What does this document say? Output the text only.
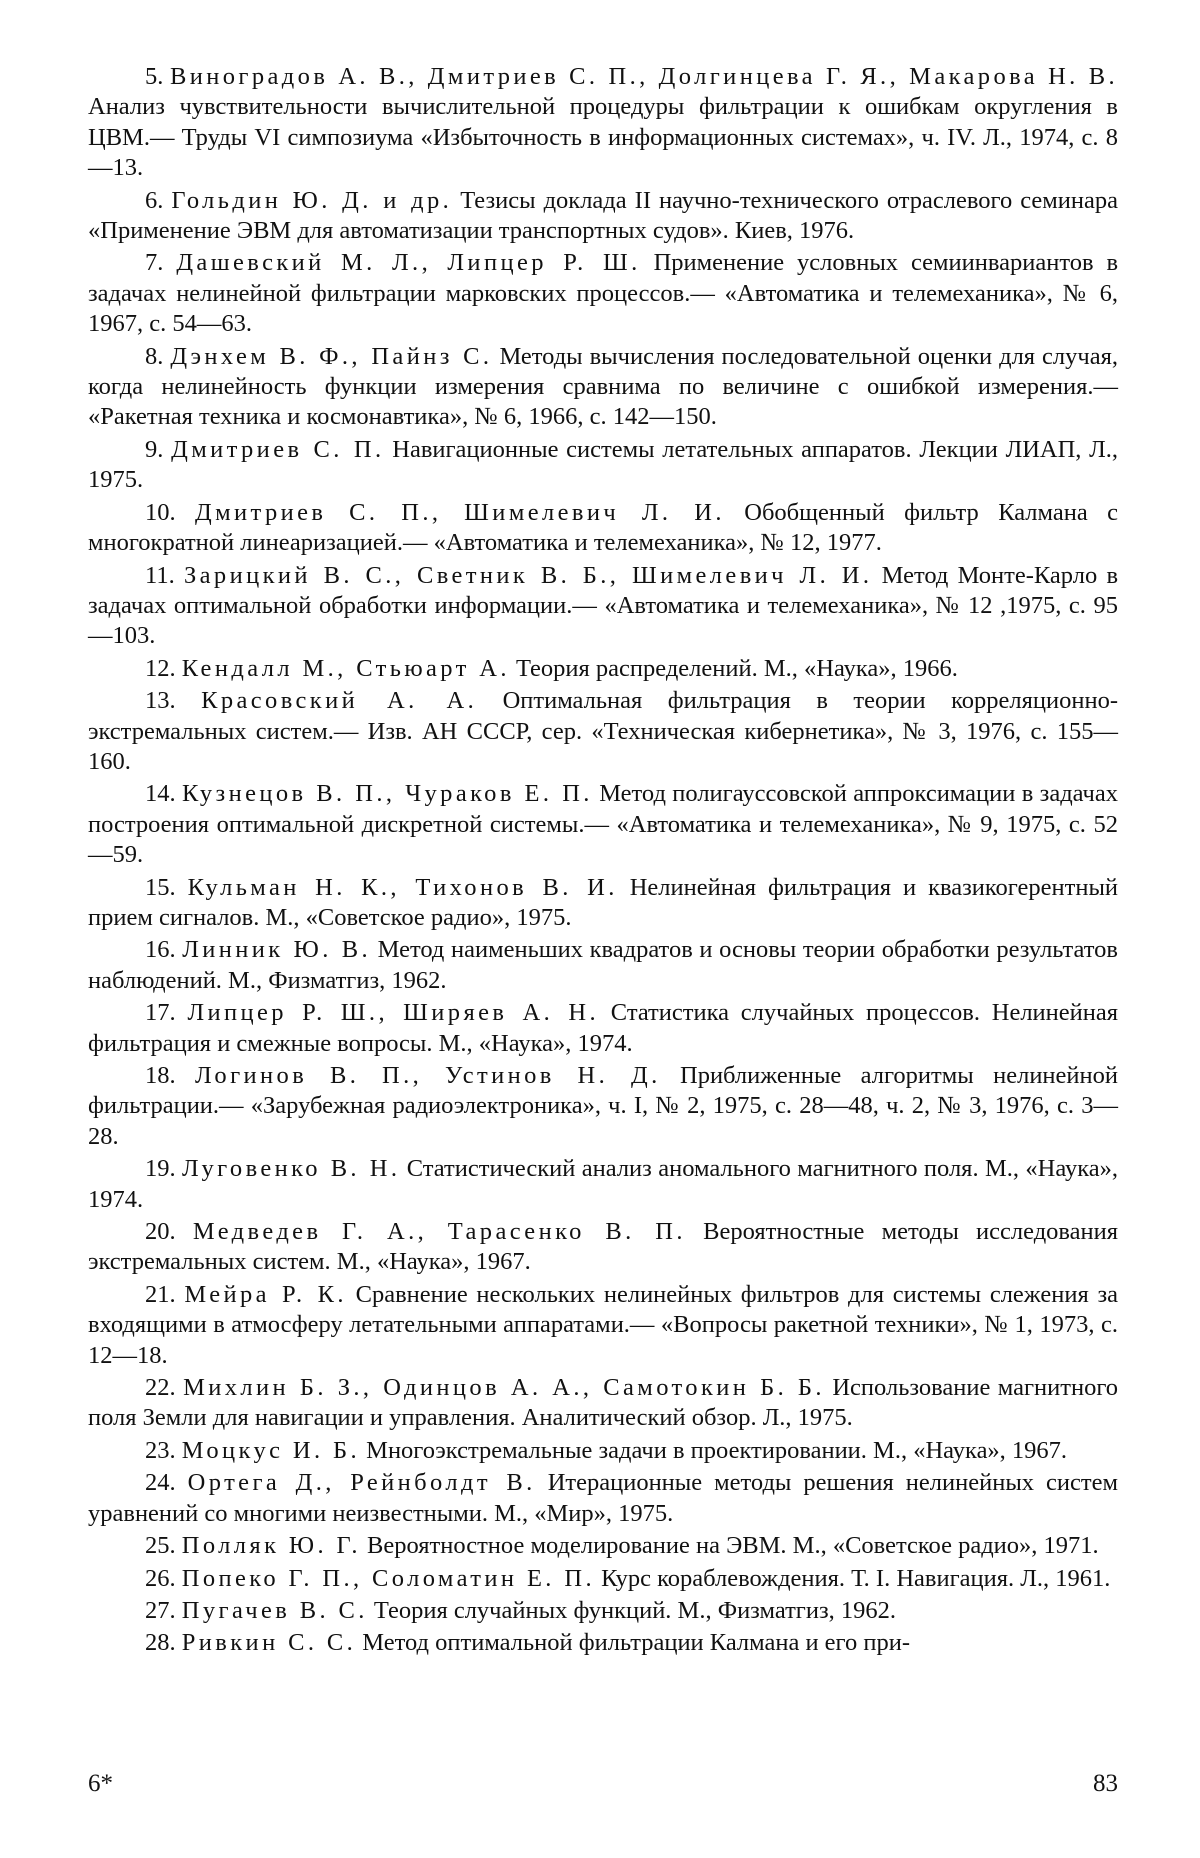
5. Виноградов А. В., Дмитриев С. П., Долгинцева Г. Я., Макарова Н. В. Анализ чувствительности вычислительной процедуры фильтрации к ошибкам округления в ЦВМ.— Труды VI симпозиума «Избыточность в информационных системах», ч. IV. Л., 1974, с. 8—13.

6. Гольдин Ю. Д. и др. Тезисы доклада II научно-технического отраслевого семинара «Применение ЭВМ для автоматизации транспортных судов». Киев, 1976.

7. Дашевский М. Л., Липцер Р. Ш. Применение условных семиинвариантов в задачах нелинейной фильтрации марковских процессов.— «Автоматика и телемеханика», № 6, 1967, с. 54—63.

8. Дэнхем В. Ф., Пайнз С. Методы вычисления последовательной оценки для случая, когда нелинейность функции измерения сравнима по величине с ошибкой измерения.— «Ракетная техника и космонавтика», № 6, 1966, с. 142—150.

9. Дмитриев С. П. Навигационные системы летательных аппаратов. Лекции ЛИАП, Л., 1975.

10. Дмитриев С. П., Шимелевич Л. И. Обобщенный фильтр Калмана с многократной линеаризацией.— «Автоматика и телемеханика», № 12, 1977.

11. Зарицкий В. С., Светник В. Б., Шимелевич Л. И. Метод Монте-Карло в задачах оптимальной обработки информации.— «Автоматика и телемеханика», № 12 ,1975, с. 95—103.

12. Кендалл М., Стьюарт А. Теория распределений. М., «Наука», 1966.

13. Красовский А. А. Оптимальная фильтрация в теории корреляционно-экстремальных систем.— Изв. АН СССР, сер. «Техническая кибернетика», № 3, 1976, с. 155—160.

14. Кузнецов В. П., Чураков Е. П. Метод полигауссовской аппроксимации в задачах построения оптимальной дискретной системы.— «Автоматика и телемеханика», № 9, 1975, с. 52—59.

15. Кульман Н. К., Тихонов В. И. Нелинейная фильтрация и квазикогерентный прием сигналов. М., «Советское радио», 1975.

16. Линник Ю. В. Метод наименьших квадратов и основы теории обработки результатов наблюдений. М., Физматгиз, 1962.

17. Липцер Р. Ш., Ширяев А. Н. Статистика случайных процессов. Нелинейная фильтрация и смежные вопросы. М., «Наука», 1974.

18. Логинов В. П., Устинов Н. Д. Приближенные алгоритмы нелинейной фильтрации.— «Зарубежная радиоэлектроника», ч. I, № 2, 1975, с. 28—48, ч. 2, № 3, 1976, с. 3—28.

19. Луговенко В. Н. Статистический анализ аномального магнитного поля. М., «Наука», 1974.

20. Медведев Г. А., Тарасенко В. П. Вероятностные методы исследования экстремальных систем. М., «Наука», 1967.

21. Мейра Р. К. Сравнение нескольких нелинейных фильтров для системы слежения за входящими в атмосферу летательными аппаратами.— «Вопросы ракетной техники», № 1, 1973, с. 12—18.

22. Михлин Б. З., Одинцов А. А., Самотокин Б. Б. Использование магнитного поля Земли для навигации и управления. Аналитический обзор. Л., 1975.

23. Моцкус И. Б. Многоэкстремальные задачи в проектировании. М., «Наука», 1967.

24. Ортега Д., Рейнболдт В. Итерационные методы решения нелинейных систем уравнений со многими неизвестными. М., «Мир», 1975.

25. Полляк Ю. Г. Вероятностное моделирование на ЭВМ. М., «Советское радио», 1971.

26. Попеко Г. П., Соломатин Е. П. Курс кораблевождения. Т. I. Навигация. Л., 1961.

27. Пугачев В. С. Теория случайных функций. М., Физматгиз, 1962.

28. Ривкин С. С. Метод оптимальной фильтрации Калмана и его при-

6*	83
